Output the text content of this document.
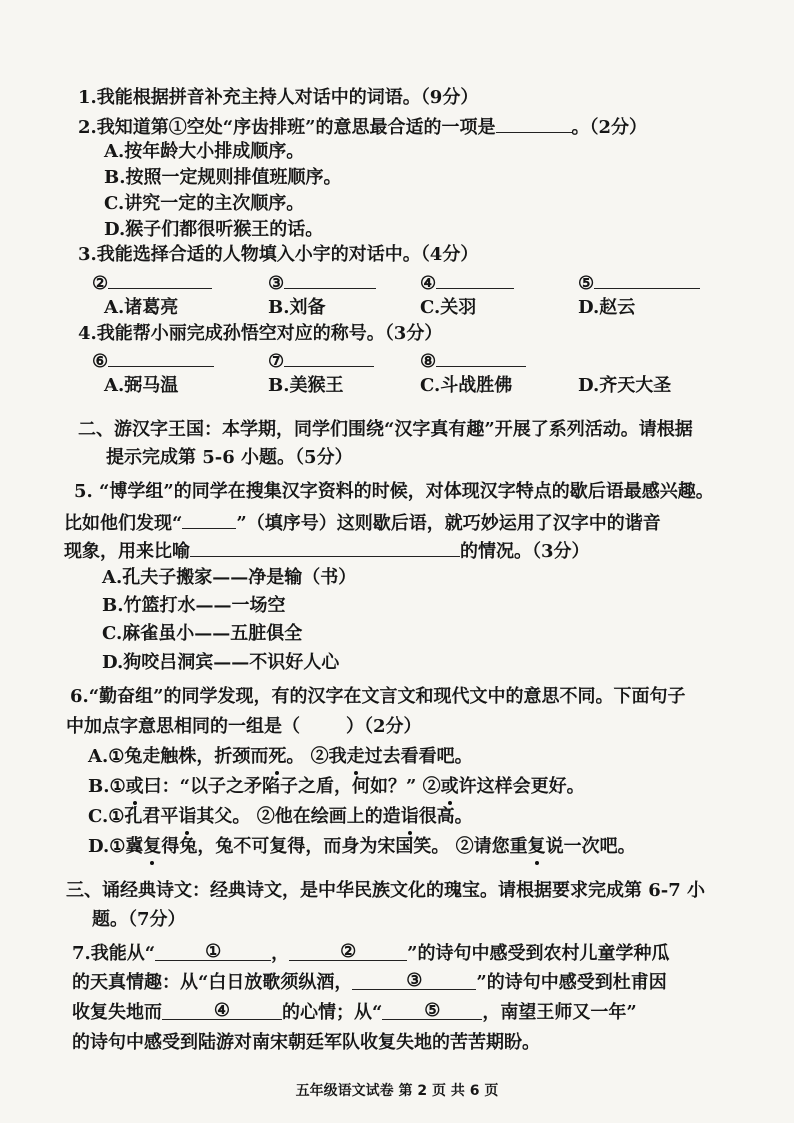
1.我能根据拼音补充主持人对话中的词语。（9分）
2.我知道第①空处“序齿排班”的意思最合适的一项是	。（2分）
A.按年龄大小排成顺序。
B.按照一定规则排值班顺序。
C.讲究一定的主次顺序。
D.猴子们都很听猴王的话。
3.我能选择合适的人物填入小宇的对话中。（4分）
②	③	④	⑤
A.诸葛亮	B.刘备	C.关羽	D.赵云
4.我能帮小丽完成孙悟空对应的称号。（3分）
⑥	⑦	⑧
A.弼马温	B.美猴王	C.斗战胜佛	D.齐天大圣
二、游汉字王国：本学期，同学们围绕“汉字真有趣”开展了系列活动。请根据
提示完成第 5-6 小题。（5分）
5. “博学组”的同学在搜集汉字资料的时候，对体现汉字特点的歇后语最感兴趣。
比如他们发现“	”（填序号）这则歇后语，就巧妙运用了汉字中的谐音
现象，用来比喻	的情况。（3分）
A.孔夫子搬家——净是输（书）
B.竹篮打水——一场空
C.麻雀虽小——五脏俱全
D.狗咬吕洞宾——不识好人心
6.“勤奋组”的同学发现，有的汉字在文言文和现代文中的意思不同。下面句子
中加点字意思相同的一组是（	）（2分）
A.①兔走触株，折颈而死。 ②我走过去看看吧。
B.①或曰：“以子之矛陷子之盾，何如？” ②或许这样会更好。
C.①孔君平诣其父。 ②他在绘画上的造诣很高。
D.①冀复得兔，兔不可复得，而身为宋国笑。 ②请您重复说一次吧。
三、诵经典诗文：经典诗文，是中华民族文化的瑰宝。请根据要求完成第 6-7 小
题。（7分）
7.我能从“	①	，	②	”的诗句中感受到农村儿童学种瓜
的天真情趣：从“白日放歌须纵酒，	③	”的诗句中感受到杜甫因
收复失地而	④	的心情；从“ ⑤ ，南望王师又一年”
的诗句中感受到陆游对南宋朝廷军队收复失地的苦苦期盼。
五年级语文试卷 第 2 页 共 6 页
